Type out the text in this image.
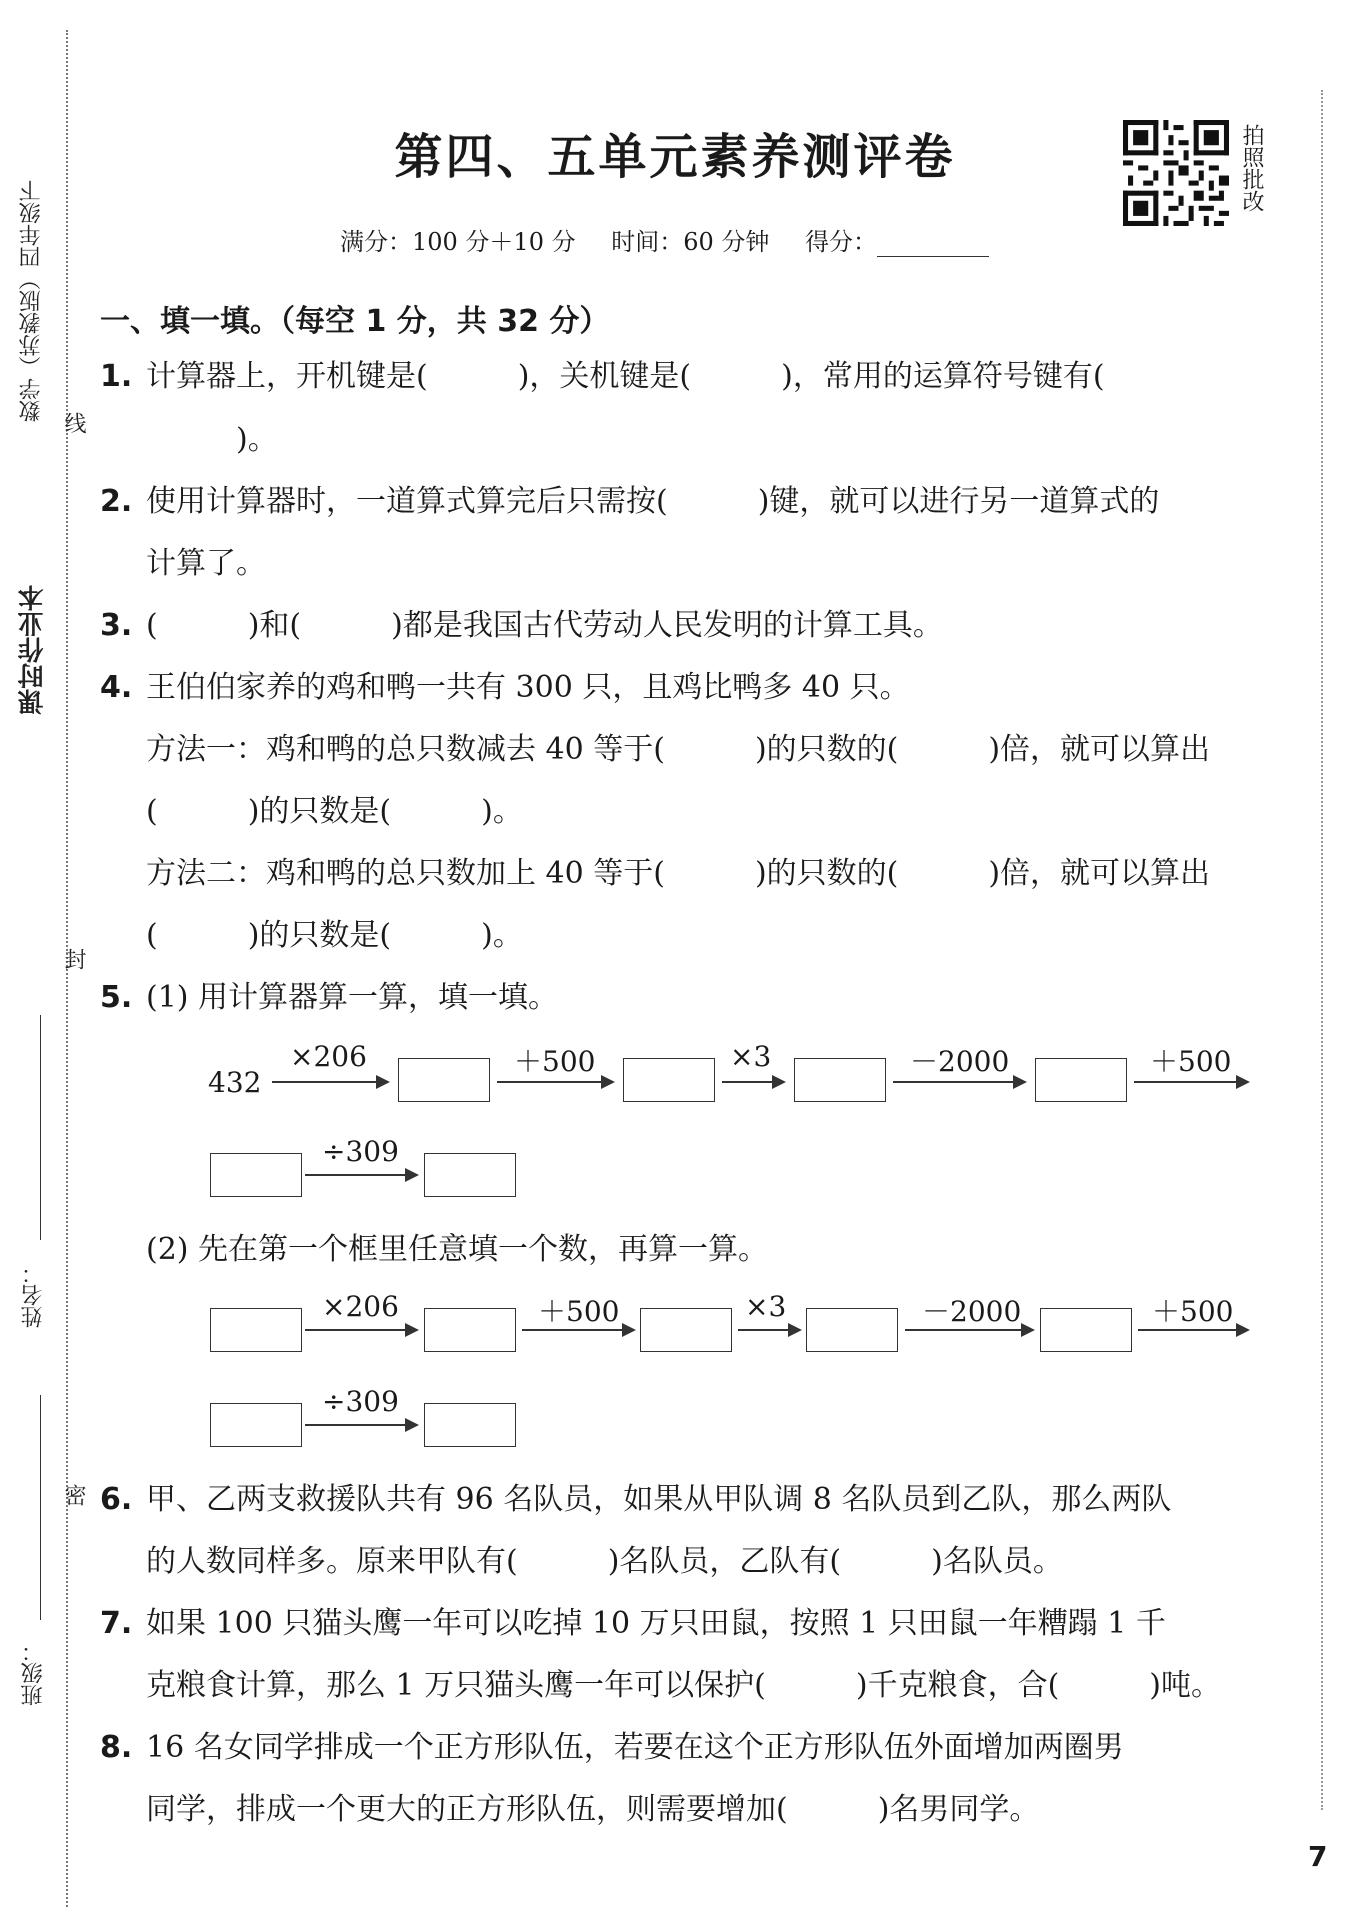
课时作业本
数学（苏教版）四年级下
线
封
密
姓名：
班级：
第四、五单元素养测评卷
满分：100 分＋10 分 时间：60 分钟 得分：
拍照批改
一、填一填。（每空 1 分，共 32 分）
1. 计算器上，开机键是(　　　)，关机键是(　　　)，常用的运算符号键有(
　　　)。
2. 使用计算器时，一道算式算完后只需按(　　　)键，就可以进行另一道算式的
计算了。
3. (　　　)和(　　　)都是我国古代劳动人民发明的计算工具。
4. 王伯伯家养的鸡和鸭一共有 300 只，且鸡比鸭多 40 只。
方法一：鸡和鸭的总只数减去 40 等于(　　　)的只数的(　　　)倍，就可以算出
(　　　)的只数是(　　　)。
方法二：鸡和鸭的总只数加上 40 等于(　　　)的只数的(　　　)倍，就可以算出
(　　　)的只数是(　　　)。
5. (1) 用计算器算一算，填一填。
432
×206	＋500	×3	－2000	＋500
÷309
(2) 先在第一个框里任意填一个数，再算一算。
×206	＋500	×3	－2000	＋500
÷309
6. 甲、乙两支救援队共有 96 名队员，如果从甲队调 8 名队员到乙队，那么两队
的人数同样多。原来甲队有(　　　)名队员，乙队有(　　　)名队员。
7. 如果 100 只猫头鹰一年可以吃掉 10 万只田鼠，按照 1 只田鼠一年糟蹋 1 千
克粮食计算，那么 1 万只猫头鹰一年可以保护(　　　)千克粮食，合(　　　)吨。
8. 16 名女同学排成一个正方形队伍，若要在这个正方形队伍外面增加两圈男
同学，排成一个更大的正方形队伍，则需要增加(　　　)名男同学。
7
